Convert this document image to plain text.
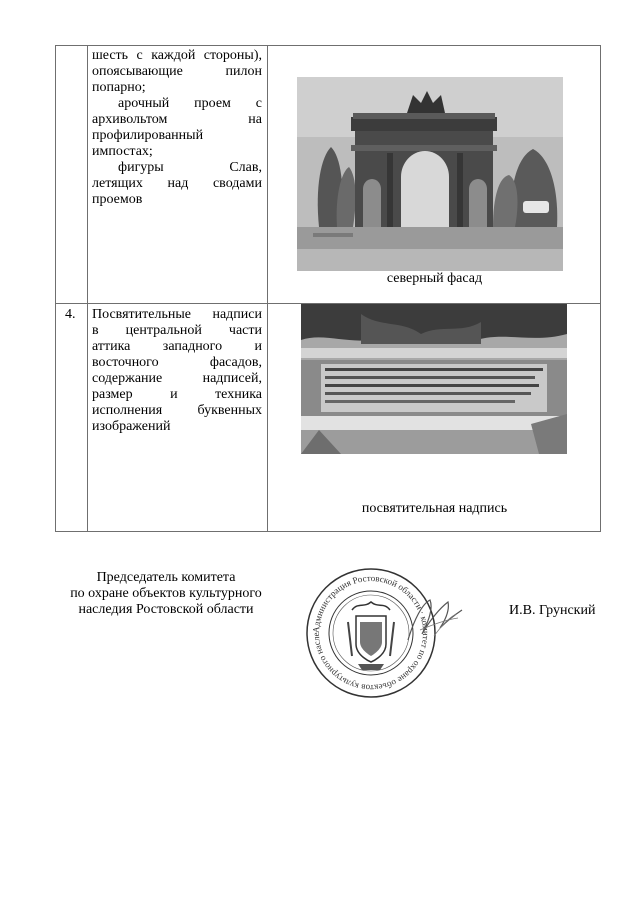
шесть с каждой стороны),
опоясывающие пилон
попарно;
арочный проем с
архивольтом на
профилированный
импостах;
фигуры Слав,
летящих над сводами
проемов
северный фасад
4. Посвятительные надписи
в центральной части
аттика западного и
восточного фасадов,
содержание надписей,
размер и техника
исполнения буквенных
изображений
посвятительная надпись
Председатель комитета
по охране объектов культурного
наследия Ростовской области
Администрация Ростовской области · комитет по охране объектов культурного насле
И.В. Грунский
